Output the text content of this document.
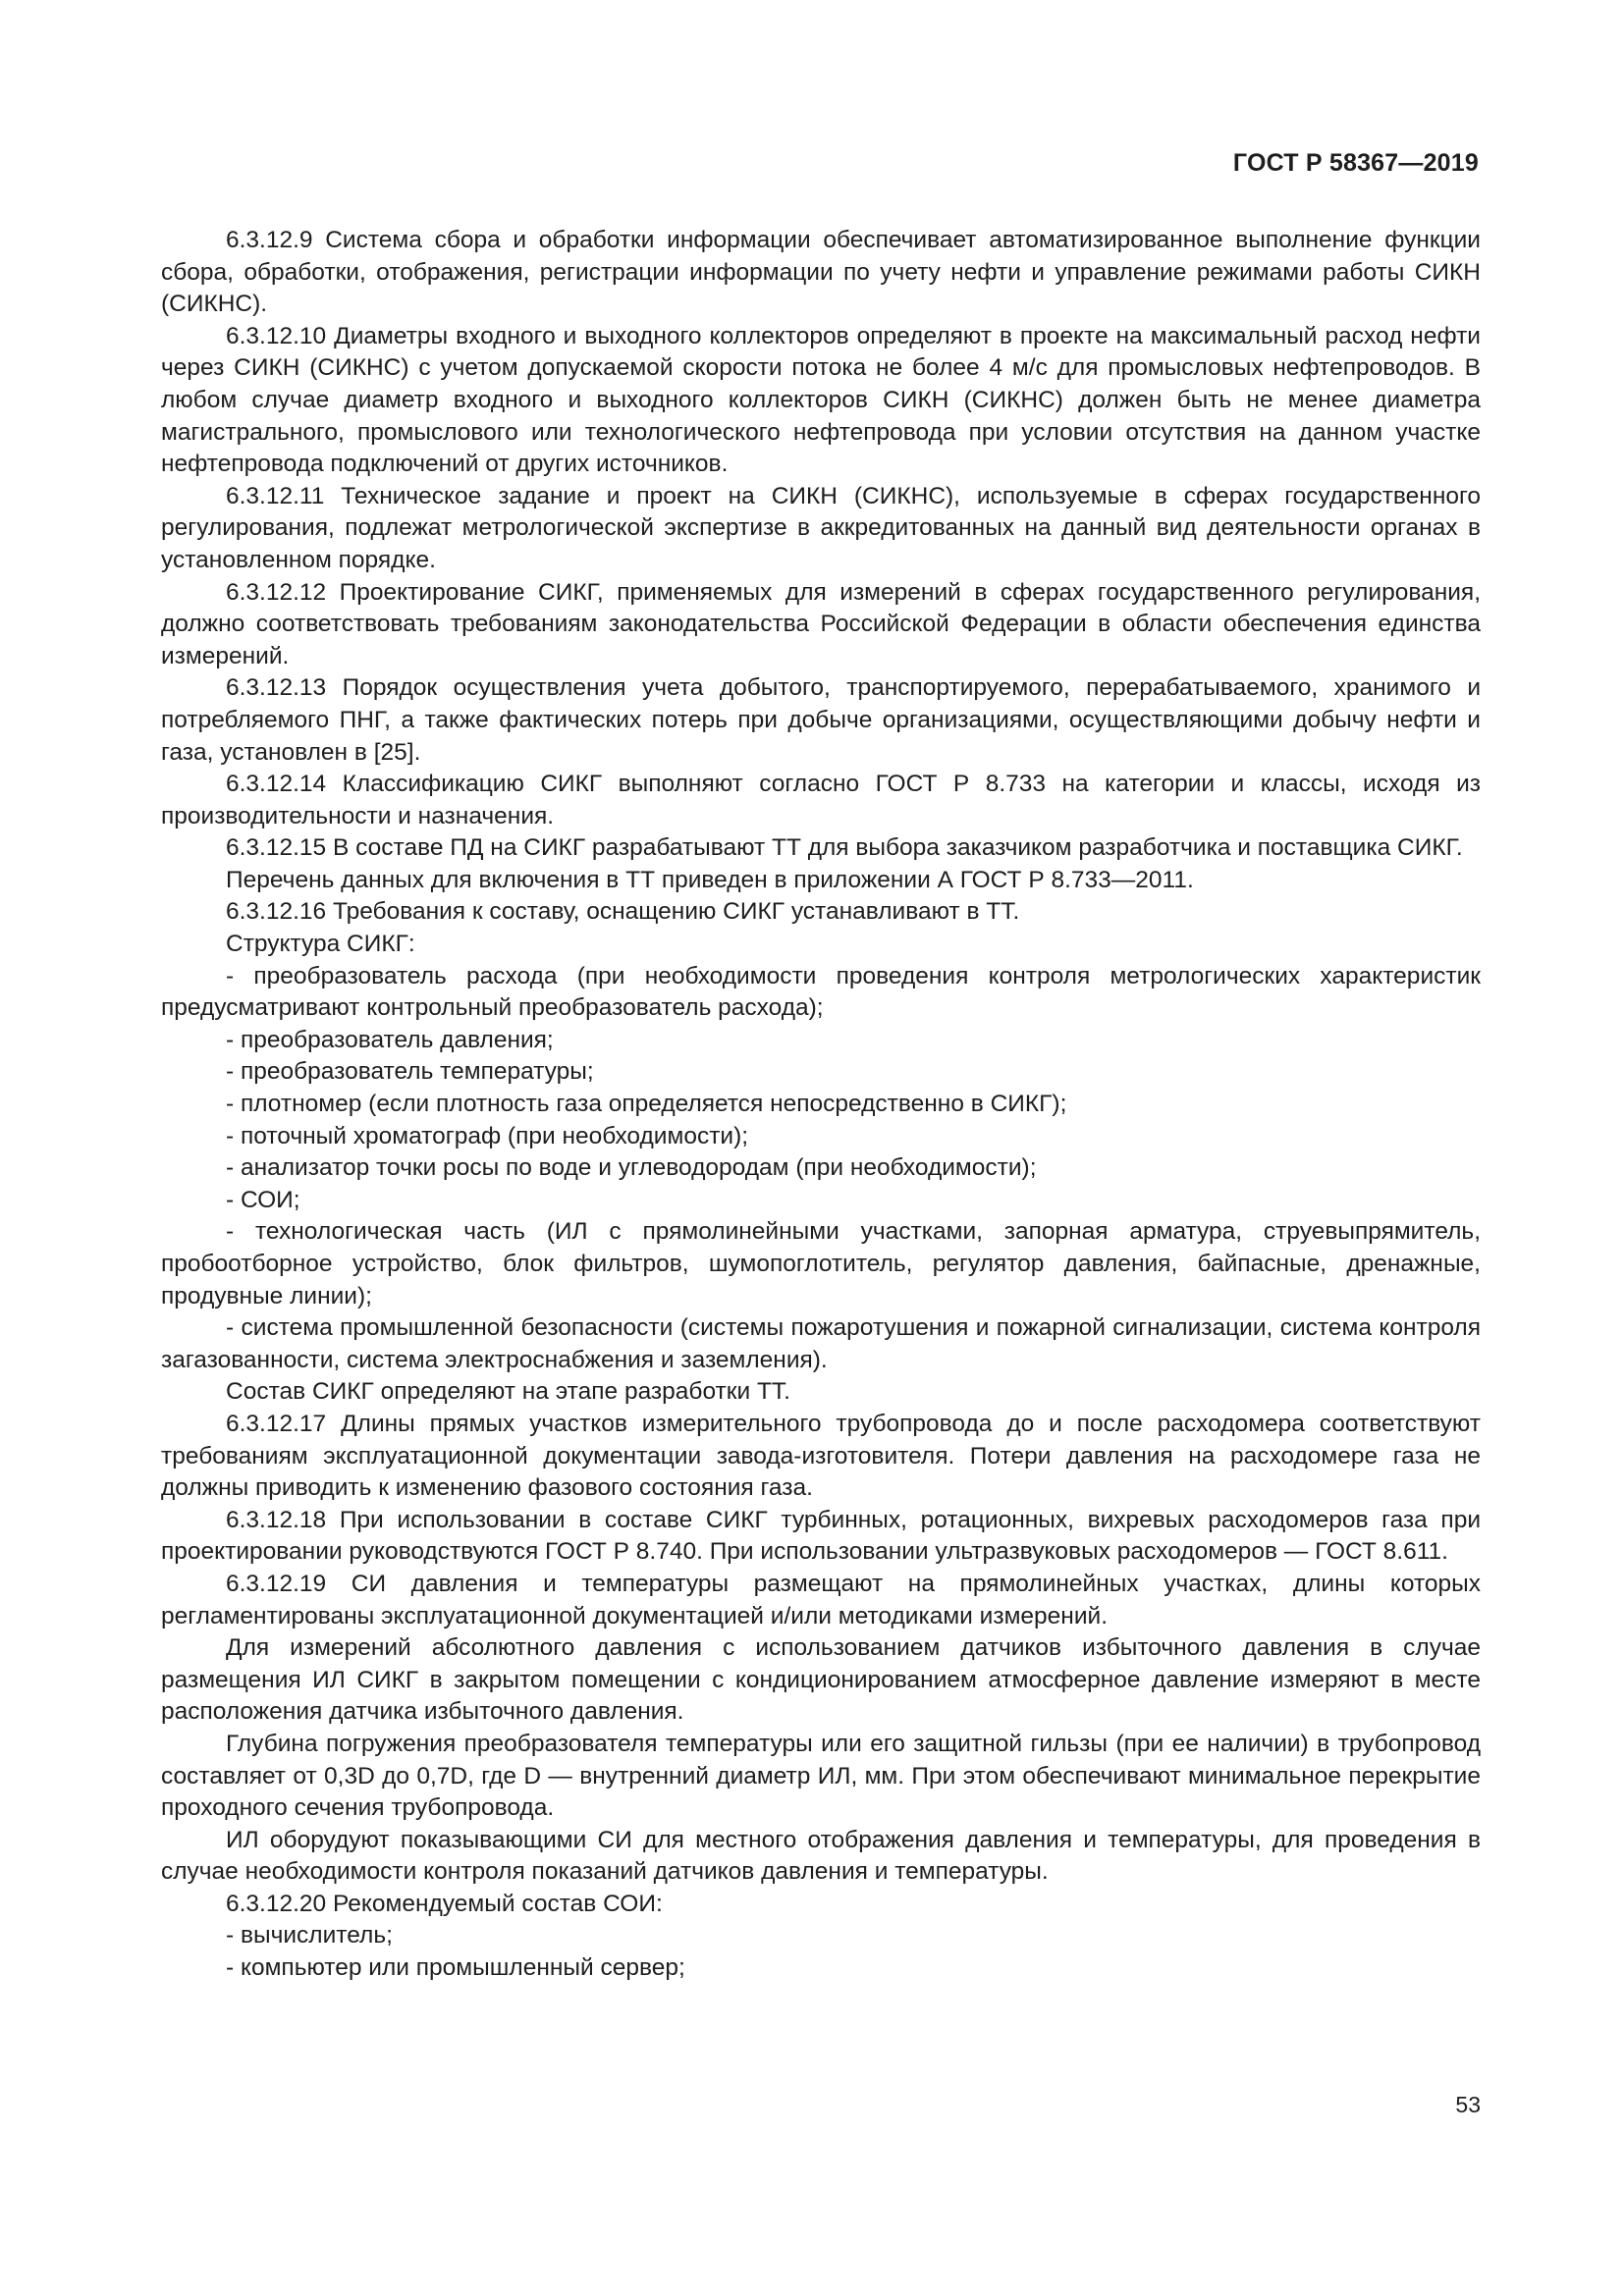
ГОСТ Р 58367—2019

6.3.12.9 Система сбора и обработки информации обеспечивает автоматизированное выполнение функции сбора, обработки, отображения, регистрации информации по учету нефти и управление режимами работы СИКН (СИКНС).

6.3.12.10 Диаметры входного и выходного коллекторов определяют в проекте на максимальный расход нефти через СИКН (СИКНС) с учетом допускаемой скорости потока не более 4 м/с для промысловых нефтепроводов. В любом случае диаметр входного и выходного коллекторов СИКН (СИКНС) должен быть не менее диаметра магистрального, промыслового или технологического нефтепровода при условии отсутствия на данном участке нефтепровода подключений от других источников.

6.3.12.11 Техническое задание и проект на СИКН (СИКНС), используемые в сферах государственного регулирования, подлежат метрологической экспертизе в аккредитованных на данный вид деятельности органах в установленном порядке.

6.3.12.12 Проектирование СИКГ, применяемых для измерений в сферах государственного регулирования, должно соответствовать требованиям законодательства Российской Федерации в области обеспечения единства измерений.

6.3.12.13 Порядок осуществления учета добытого, транспортируемого, перерабатываемого, хранимого и потребляемого ПНГ, а также фактических потерь при добыче организациями, осуществляющими добычу нефти и газа, установлен в [25].

6.3.12.14 Классификацию СИКГ выполняют согласно ГОСТ Р 8.733 на категории и классы, исходя из производительности и назначения.

6.3.12.15 В составе ПД на СИКГ разрабатывают ТТ для выбора заказчиком разработчика и поставщика СИКГ.

Перечень данных для включения в ТТ приведен в приложении А ГОСТ Р 8.733—2011.

6.3.12.16 Требования к составу, оснащению СИКГ устанавливают в ТТ.

Структура СИКГ:

- преобразователь расхода (при необходимости проведения контроля метрологических характеристик предусматривают контрольный преобразователь расхода);

- преобразователь давления;

- преобразователь температуры;

- плотномер (если плотность газа определяется непосредственно в СИКГ);

- поточный хроматограф (при необходимости);

- анализатор точки росы по воде и углеводородам (при необходимости);

- СОИ;

- технологическая часть (ИЛ с прямолинейными участками, запорная арматура, струевыпрямитель, пробоотборное устройство, блок фильтров, шумопоглотитель, регулятор давления, байпасные, дренажные, продувные линии);

- система промышленной безопасности (системы пожаротушения и пожарной сигнализации, система контроля загазованности, система электроснабжения и заземления).

Состав СИКГ определяют на этапе разработки ТТ.

6.3.12.17 Длины прямых участков измерительного трубопровода до и после расходомера соответствуют требованиям эксплуатационной документации завода-изготовителя. Потери давления на расходомере газа не должны приводить к изменению фазового состояния газа.

6.3.12.18 При использовании в составе СИКГ турбинных, ротационных, вихревых расходомеров газа при проектировании руководствуются ГОСТ Р 8.740. При использовании ультразвуковых расходомеров — ГОСТ 8.611.

6.3.12.19 СИ давления и температуры размещают на прямолинейных участках, длины которых регламентированы эксплуатационной документацией и/или методиками измерений.

Для измерений абсолютного давления с использованием датчиков избыточного давления в случае размещения ИЛ СИКГ в закрытом помещении с кондиционированием атмосферное давление измеряют в месте расположения датчика избыточного давления.

Глубина погружения преобразователя температуры или его защитной гильзы (при ее наличии) в трубопровод составляет от 0,3D до 0,7D, где D — внутренний диаметр ИЛ, мм. При этом обеспечивают минимальное перекрытие проходного сечения трубопровода.

ИЛ оборудуют показывающими СИ для местного отображения давления и температуры, для проведения в случае необходимости контроля показаний датчиков давления и температуры.

6.3.12.20 Рекомендуемый состав СОИ:

- вычислитель;

- компьютер или промышленный сервер;

53
